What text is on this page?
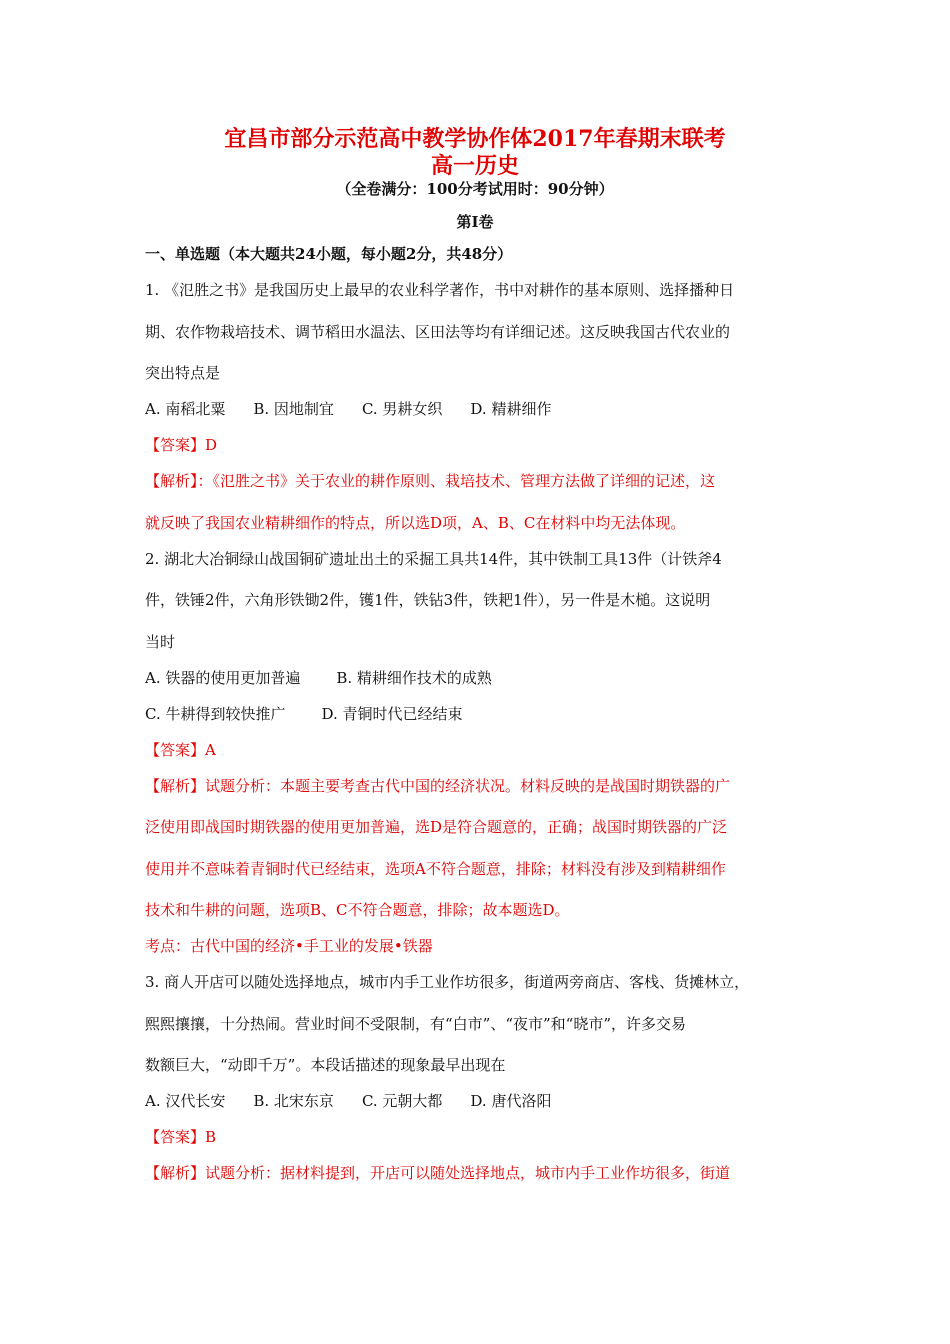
宜昌市部分示范高中教学协作体2017年春期末联考
高一历史
（全卷满分：100分考试用时：90分钟）
第Ⅰ卷
一、单选题（本大题共24小题，每小题2分，共48分）
1. 《氾胜之书》是我国历史上最早的农业科学著作，书中对耕作的基本原则、选择播种日
期、农作物栽培技术、调节稻田水温法、区田法等均有详细记述。这反映我国古代农业的
突出特点是
A. 南稻北粟 B. 因地制宜 C. 男耕女织 D. 精耕细作
【答案】D
【解析】：《氾胜之书》关于农业的耕作原则、栽培技术、管理方法做了详细的记述，这
就反映了我国农业精耕细作的特点，所以选D项，A、B、C在材料中均无法体现。
2. 湖北大冶铜绿山战国铜矿遗址出土的采掘工具共14件，其中铁制工具13件（计铁斧4
件，铁锤2件，六角形铁锄2件，镬1件，铁钻3件，铁耙1件），另一件是木槌。这说明
当时
A. 铁器的使用更加普遍 B. 精耕细作技术的成熟
C. 牛耕得到较快推广 D. 青铜时代已经结束
【答案】A
【解析】试题分析：本题主要考查古代中国的经济状况。材料反映的是战国时期铁器的广
泛使用即战国时期铁器的使用更加普遍，选D是符合题意的，正确；战国时期铁器的广泛
使用并不意味着青铜时代已经结束，选项A不符合题意，排除；材料没有涉及到精耕细作
技术和牛耕的问题，选项B、C不符合题意，排除；故本题选D。
考点：古代中国的经济•手工业的发展•铁器
3. 商人开店可以随处选择地点，城市内手工业作坊很多，街道两旁商店、客栈、货摊林立，
熙熙攘攘，十分热闹。营业时间不受限制，有“白市”、“夜市”和“晓市”，许多交易
数额巨大，“动即千万”。本段话描述的现象最早出现在
A. 汉代长安 B. 北宋东京 C. 元朝大都 D. 唐代洛阳
【答案】B
【解析】试题分析：据材料提到，开店可以随处选择地点，城市内手工业作坊很多，街道
